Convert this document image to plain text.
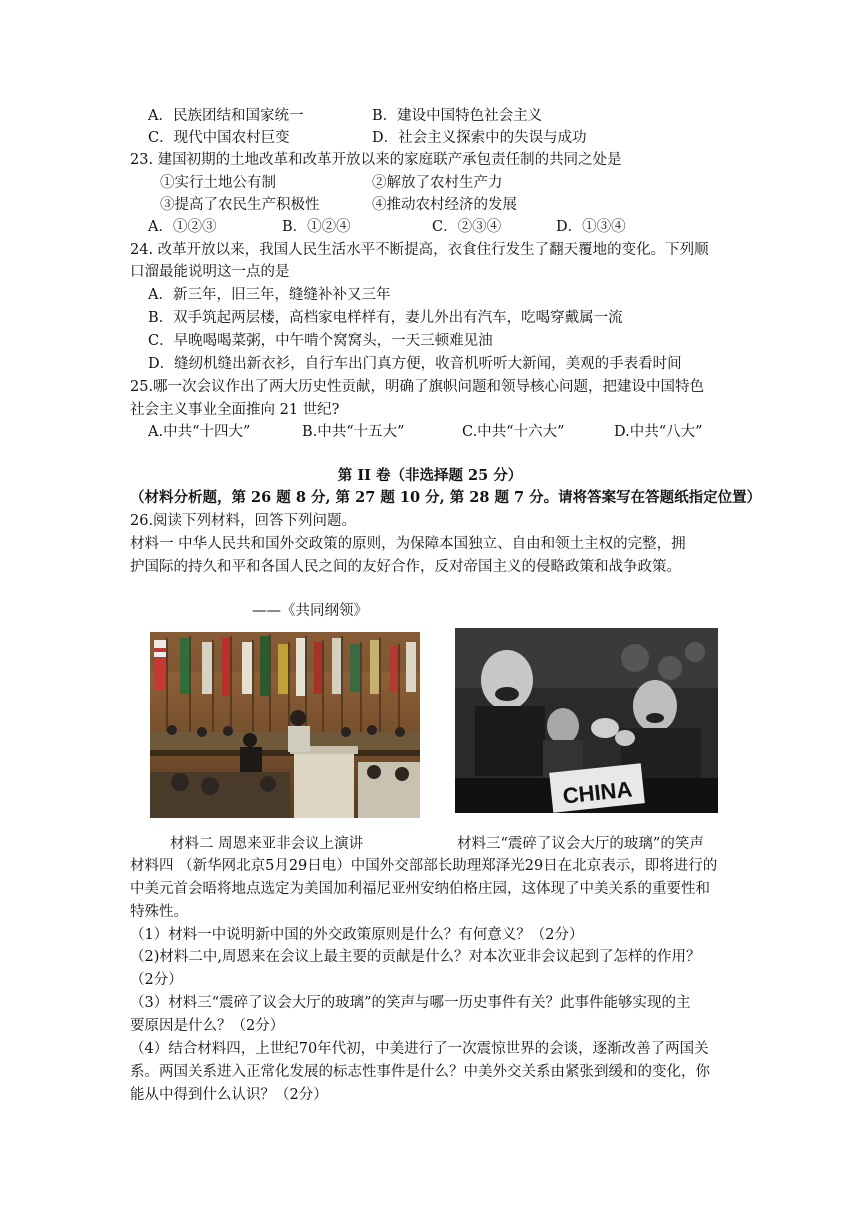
A．民族团结和国家统一	B．建设中国特色社会主义
C．现代中国农村巨变	D．社会主义探索中的失误与成功
23. 建国初期的土地改革和改革开放以来的家庭联产承包责任制的共同之处是
①实行土地公有制	②解放了农村生产力
③提高了农民生产积极性	④推动农村经济的发展
A．①②③	B．①②④	C．②③④	D．①③④
24. 改革开放以来，我国人民生活水平不断提高，衣食住行发生了翻天覆地的变化。下列顺
口溜最能说明这一点的是
A．新三年，旧三年，缝缝补补又三年
B．双手筑起两层楼，高档家电样样有，妻儿外出有汽车，吃喝穿戴属一流
C．早晚喝喝菜粥，中午啃个窝窝头，一天三顿难见油
D．缝纫机缝出新衣衫，自行车出门真方便，收音机听听大新闻，美观的手表看时间
25.哪一次会议作出了两大历史性贡献，明确了旗帜问题和领导核心问题，把建设中国特色
社会主义事业全面推向 21 世纪?
A.中共“十四大”	B.中共“十五大”	C.中共“十六大”	D.中共“八大”
第 II 卷（非选择题 25 分）
（材料分析题，第 26 题 8 分, 第 27 题 10 分, 第 28 题 7 分。请将答案写在答题纸指定位置）
26.阅读下列材料，回答下列问题。
材料一 中华人民共和国外交政策的原则，为保障本国独立、自由和领土主权的完整，拥
护国际的持久和平和各国人民之间的友好合作，反对帝国主义的侵略政策和战争政策。
——《共同纲领》
CHINA
材料二 周恩来亚非会议上演讲	材料三“震碎了议会大厅的玻璃”的笑声
材料四 （新华网北京5月29日电）中国外交部部长助理郑泽光29日在北京表示，即将进行的
中美元首会晤将地点选定为美国加利福尼亚州安纳伯格庄园，这体现了中美关系的重要性和
特殊性。
（1）材料一中说明新中国的外交政策原则是什么？有何意义？（2分）
（2)材料二中,周恩来在会议上最主要的贡献是什么？对本次亚非会议起到了怎样的作用？
（2分）
（3）材料三“震碎了议会大厅的玻璃”的笑声与哪一历史事件有关？此事件能够实现的主
要原因是什么？（2分）
（4）结合材料四，上世纪70年代初，中美进行了一次震惊世界的会谈，逐渐改善了两国关
系。两国关系进入正常化发展的标志性事件是什么？中美外交关系由紧张到缓和的变化，你
能从中得到什么认识？（2分）
